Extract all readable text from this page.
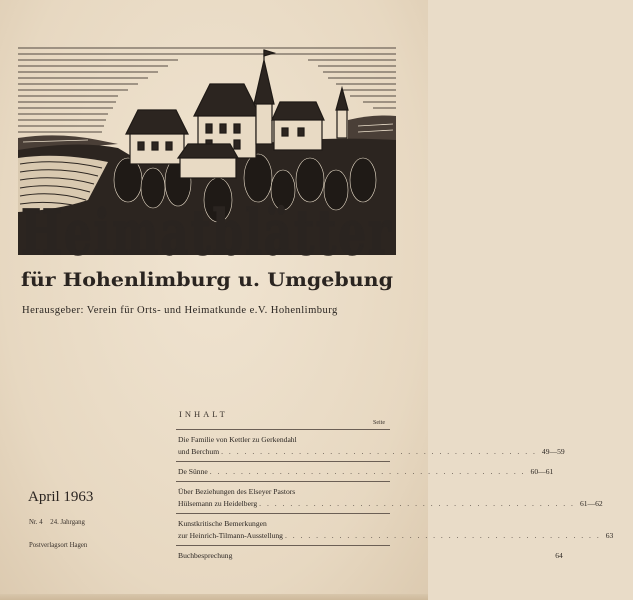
Heimatblätter
für Hohenlimburg u. Umgebung
Herausgeber: Verein für Orts- und Heimatkunde e.V. Hohenlimburg
INHALT
Seite
Die Familie von Kettler zu Gerkendahl
und Berchum . . .	49—59
De Sünne . . .	60—61
Über Beziehungen des Elseyer Pastors
Hülsemann zu Heidelberg . . .	61—62
Kunstkritische Bemerkungen
zur Heinrich-Tilmann-Ausstellung . . .	63
Buchbesprechung	64
April 1963
Nr. 4 24. Jahrgang
Postverlagsort Hagen
